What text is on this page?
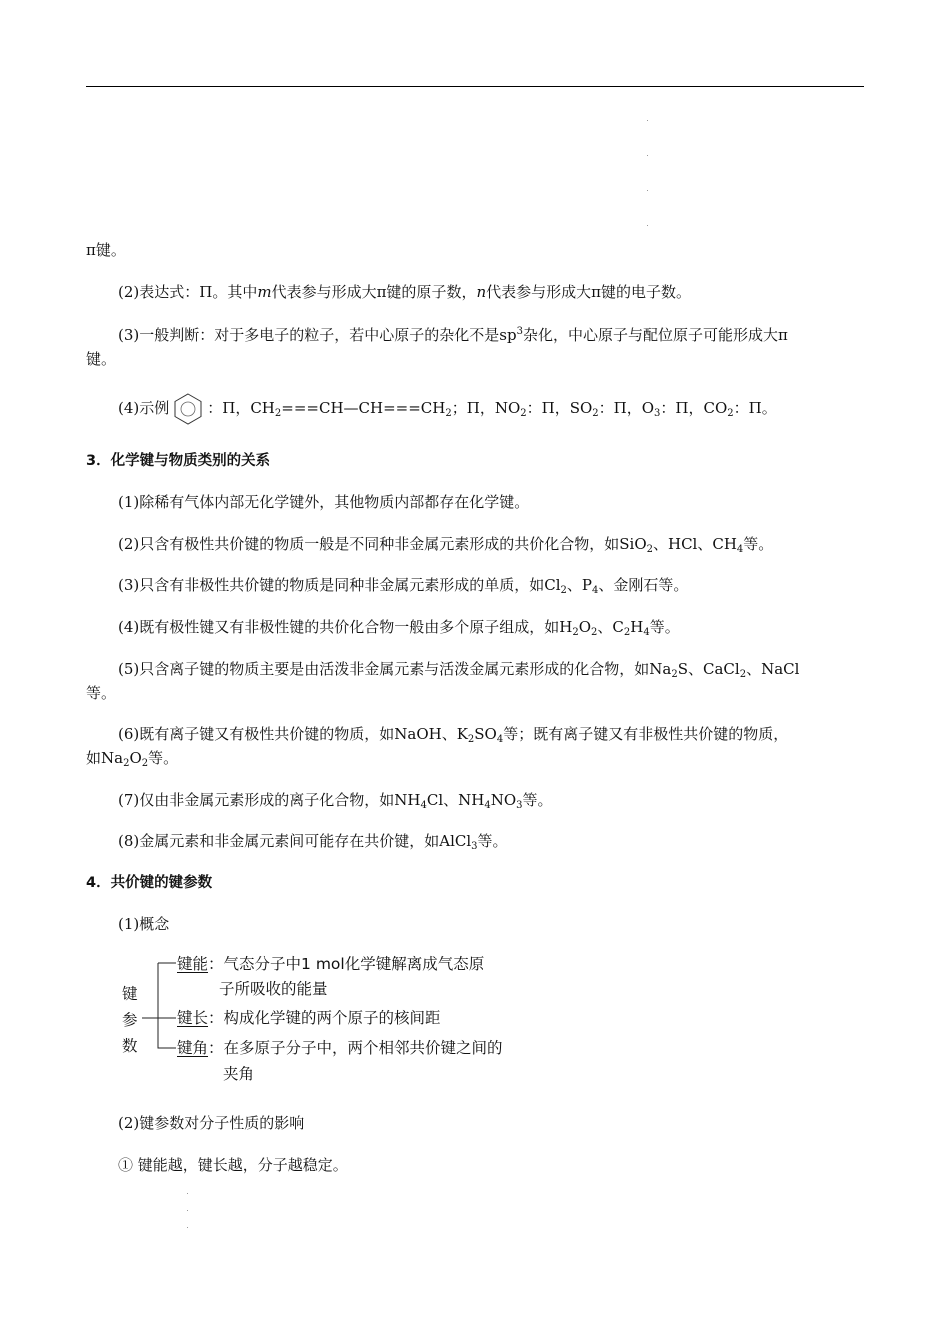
π键。
(2)表达式：Π。其中m代表参与形成大π键的原子数，n代表参与形成大π键的电子数。
(3)一般判断：对于多电子的粒子，若中心原子的杂化不是$sp^3$杂化，中心原子与配位原子可能形成大π
键。
(4)示例	：Π，$CH_2===CH—CH===CH_2$；Π，$NO_2$：Π，$SO_2$：Π，$O_3$：Π，$CO_2$：Π。
3．化学键与物质类别的关系
(1)除稀有气体内部无化学键外，其他物质内部都存在化学键。
(2)只含有极性共价键的物质一般是不同种非金属元素形成的共价化合物，如SiO$_2$、HCl、$CH_4$等。
(3)只含有非极性共价键的物质是同种非金属元素形成的单质，如$Cl_2$、$P_4$、金刚石等。
(4)既有极性键又有非极性键的共价化合物一般由多个原子组成，如$H_2O_2$、$C_2H_4$等。
(5)只含离子键的物质主要是由活泼非金属元素与活泼金属元素形成的化合物，如$Na_2S$、CaCl$_2$、NaCl
等。
(6)既有离子键又有极性共价键的物质，如NaOH、$K_2SO_4$等；既有离子键又有非极性共价键的物质，
如$Na_2O_2$等。
(7)仅由非金属元素形成的离子化合物，如$NH_4Cl$、$NH_4NO_3$等。
(8)金属元素和非金属元素间可能存在共价键，如AlCl$_3$等。
4．共价键的键参数
(1)概念
键
参
数
键能：气态分子中1 mol化学键解离成气态原
子所吸收的能量
键长：构成化学键的两个原子的核间距
键角：在多原子分子中，两个相邻共价键之间的
夹角
(2)键参数对分子性质的影响
① 键能越，键长越，分子越稳定。
